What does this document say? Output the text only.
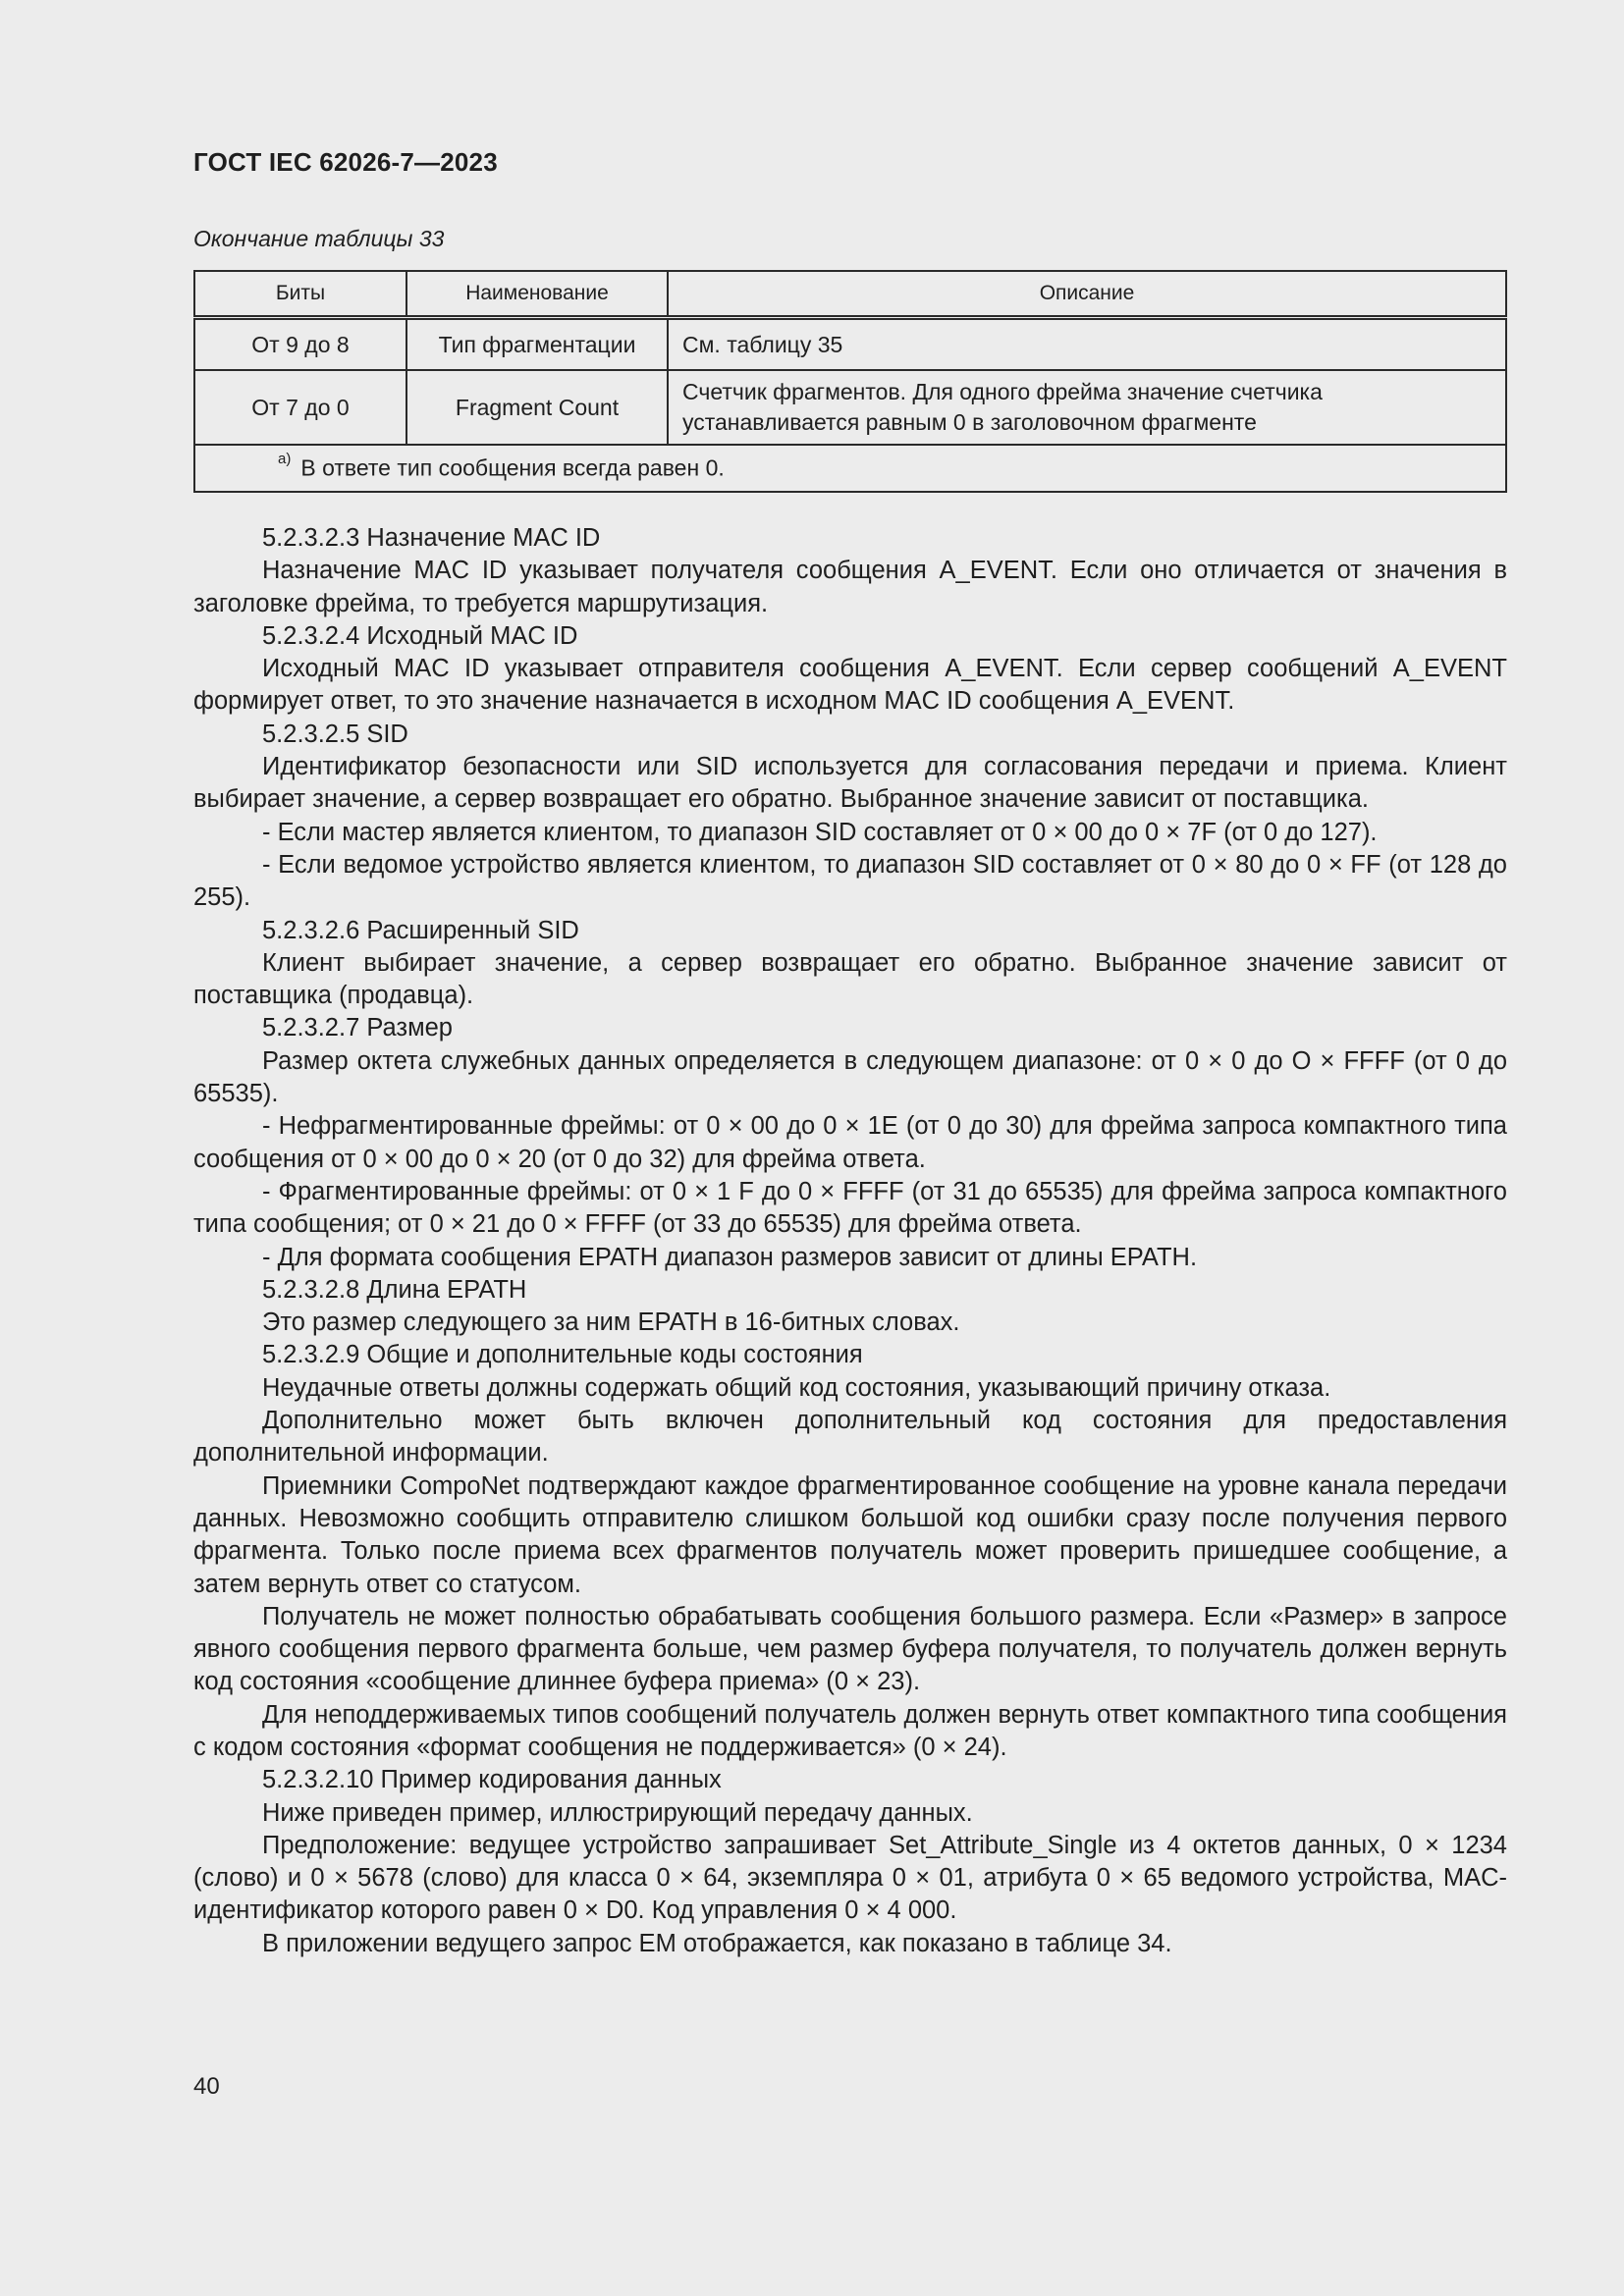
ГОСТ IEC 62026-7—2023
Окончание таблицы 33
Биты	Наименование	Описание
От 9 до 8	Тип фрагментации	См. таблицу 35
От 7 до 0	Fragment Count	Счетчик фрагментов. Для одного фрейма значение счетчика устанавливается равным 0 в заголовочном фрагменте
$^{a)}$ В ответе тип сообщения всегда равен 0.		

5.2.3.2.3 Назначение MAC ID

Назначение MAC ID указывает получателя сообщения A_EVENT. Если оно отличается от значения в заголовке фрейма, то требуется маршрутизация.

5.2.3.2.4 Исходный MAC ID

Исходный MAC ID указывает отправителя сообщения A_EVENT. Если сервер сообщений A_EVENT формирует ответ, то это значение назначается в исходном MAC ID сообщения A_EVENT.

5.2.3.2.5 SID

Идентификатор безопасности или SID используется для согласования передачи и приема. Клиент выбирает значение, а сервер возвращает его обратно. Выбранное значение зависит от поставщика.

- Если мастер является клиентом, то диапазон SID составляет от 0 × 00 до 0 × 7F (от 0 до 127).

- Если ведомое устройство является клиентом, то диапазон SID составляет от 0 × 80 до 0 × FF (от 128 до 255).

5.2.3.2.6 Расширенный SID

Клиент выбирает значение, а сервер возвращает его обратно. Выбранное значение зависит от поставщика (продавца).

5.2.3.2.7 Размер

Размер октета служебных данных определяется в следующем диапазоне: от 0 × 0 до O × FFFF (от 0 до 65535).

- Нефрагментированные фреймы: от 0 × 00 до 0 × 1E (от 0 до 30) для фрейма запроса компактного типа сообщения от 0 × 00 до 0 × 20 (от 0 до 32) для фрейма ответа.

- Фрагментированные фреймы: от 0 × 1 F до 0 × FFFF (от 31 до 65535) для фрейма запроса компактного типа сообщения; от 0 × 21 до 0 × FFFF (от 33 до 65535) для фрейма ответа.

- Для формата сообщения EPATH диапазон размеров зависит от длины EPATH.

5.2.3.2.8 Длина EPATH

Это размер следующего за ним EPATH в 16-битных словах.

5.2.3.2.9 Общие и дополнительные коды состояния

Неудачные ответы должны содержать общий код состояния, указывающий причину отказа.

Дополнительно может быть включен дополнительный код состояния для предоставления дополнительной информации.

Приемники CompoNet подтверждают каждое фрагментированное сообщение на уровне канала передачи данных. Невозможно сообщить отправителю слишком большой код ошибки сразу после получения первого фрагмента. Только после приема всех фрагментов получатель может проверить пришедшее сообщение, а затем вернуть ответ со статусом.

Получатель не может полностью обрабатывать сообщения большого размера. Если «Размер» в запросе явного сообщения первого фрагмента больше, чем размер буфера получателя, то получатель должен вернуть код состояния «сообщение длиннее буфера приема» (0 × 23).

Для неподдерживаемых типов сообщений получатель должен вернуть ответ компактного типа сообщения с кодом состояния «формат сообщения не поддерживается» (0 × 24).

5.2.3.2.10 Пример кодирования данных

Ниже приведен пример, иллюстрирующий передачу данных.

Предположение: ведущее устройство запрашивает Set_Attribute_Single из 4 октетов данных, 0 × 1234 (слово) и 0 × 5678 (слово) для класса 0 × 64, экземпляра 0 × 01, атрибута 0 × 65 ведомого устройства, MAC-идентификатор которого равен 0 × D0. Код управления 0 × 4 000.

В приложении ведущего запрос EM отображается, как показано в таблице 34.

40
